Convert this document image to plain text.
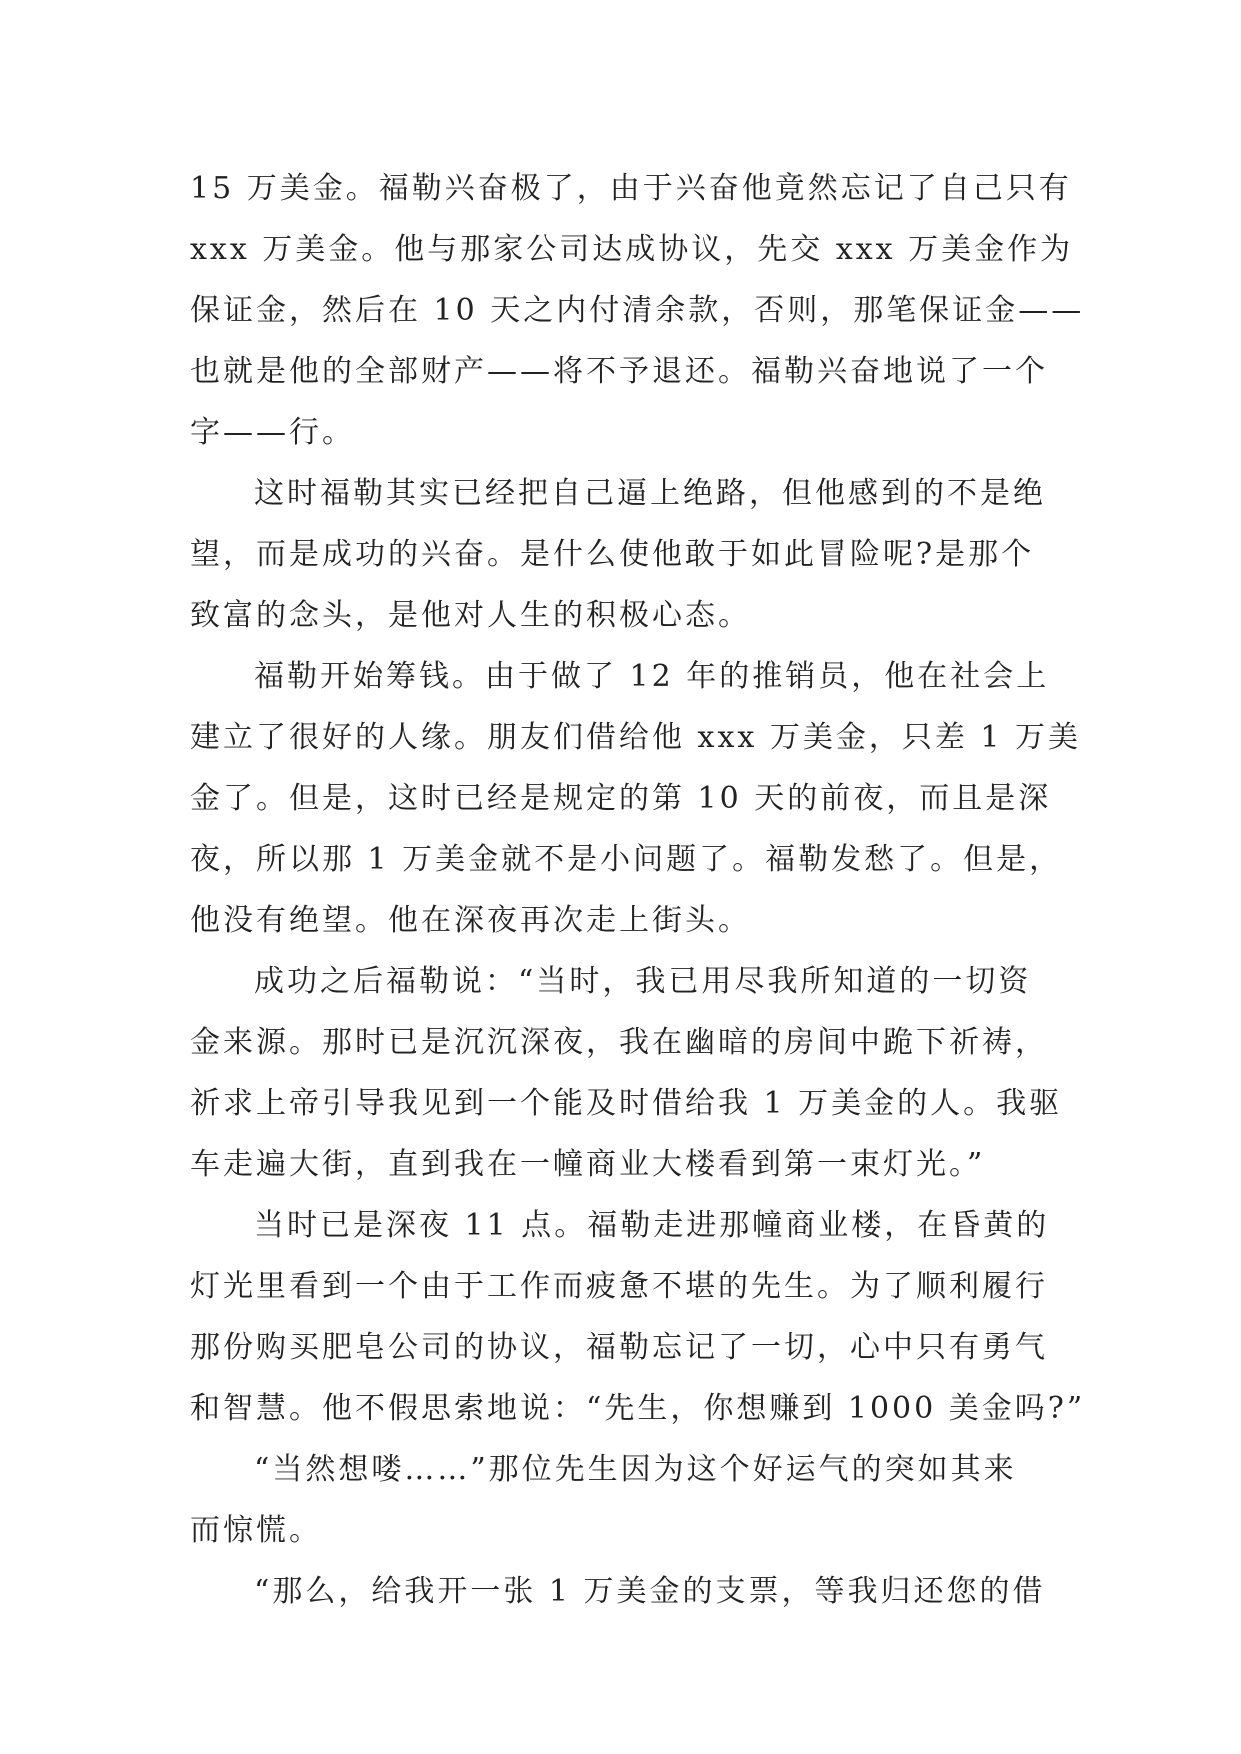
15 万美金。福勒兴奋极了，由于兴奋他竟然忘记了自己只有
xxx 万美金。他与那家公司达成协议，先交 xxx 万美金作为
保证金，然后在 10 天之内付清余款，否则，那笔保证金——
也就是他的全部财产——将不予退还。福勒兴奋地说了一个
字——行。
这时福勒其实已经把自己逼上绝路，但他感到的不是绝
望，而是成功的兴奋。是什么使他敢于如此冒险呢?是那个
致富的念头，是他对人生的积极心态。
福勒开始筹钱。由于做了 12 年的推销员，他在社会上
建立了很好的人缘。朋友们借给他 xxx 万美金，只差 1 万美
金了。但是，这时已经是规定的第 10 天的前夜，而且是深
夜，所以那 1 万美金就不是小问题了。福勒发愁了。但是，
他没有绝望。他在深夜再次走上街头。
成功之后福勒说：“当时，我已用尽我所知道的一切资
金来源。那时已是沉沉深夜，我在幽暗的房间中跪下祈祷，
祈求上帝引导我见到一个能及时借给我 1 万美金的人。我驱
车走遍大街，直到我在一幢商业大楼看到第一束灯光。”
当时已是深夜 11 点。福勒走进那幢商业楼，在昏黄的
灯光里看到一个由于工作而疲惫不堪的先生。为了顺利履行
那份购买肥皂公司的协议，福勒忘记了一切，心中只有勇气
和智慧。他不假思索地说：“先生，你想赚到 1000 美金吗?”
“当然想喽……”那位先生因为这个好运气的突如其来
而惊慌。
“那么，给我开一张 1 万美金的支票，等我归还您的借
